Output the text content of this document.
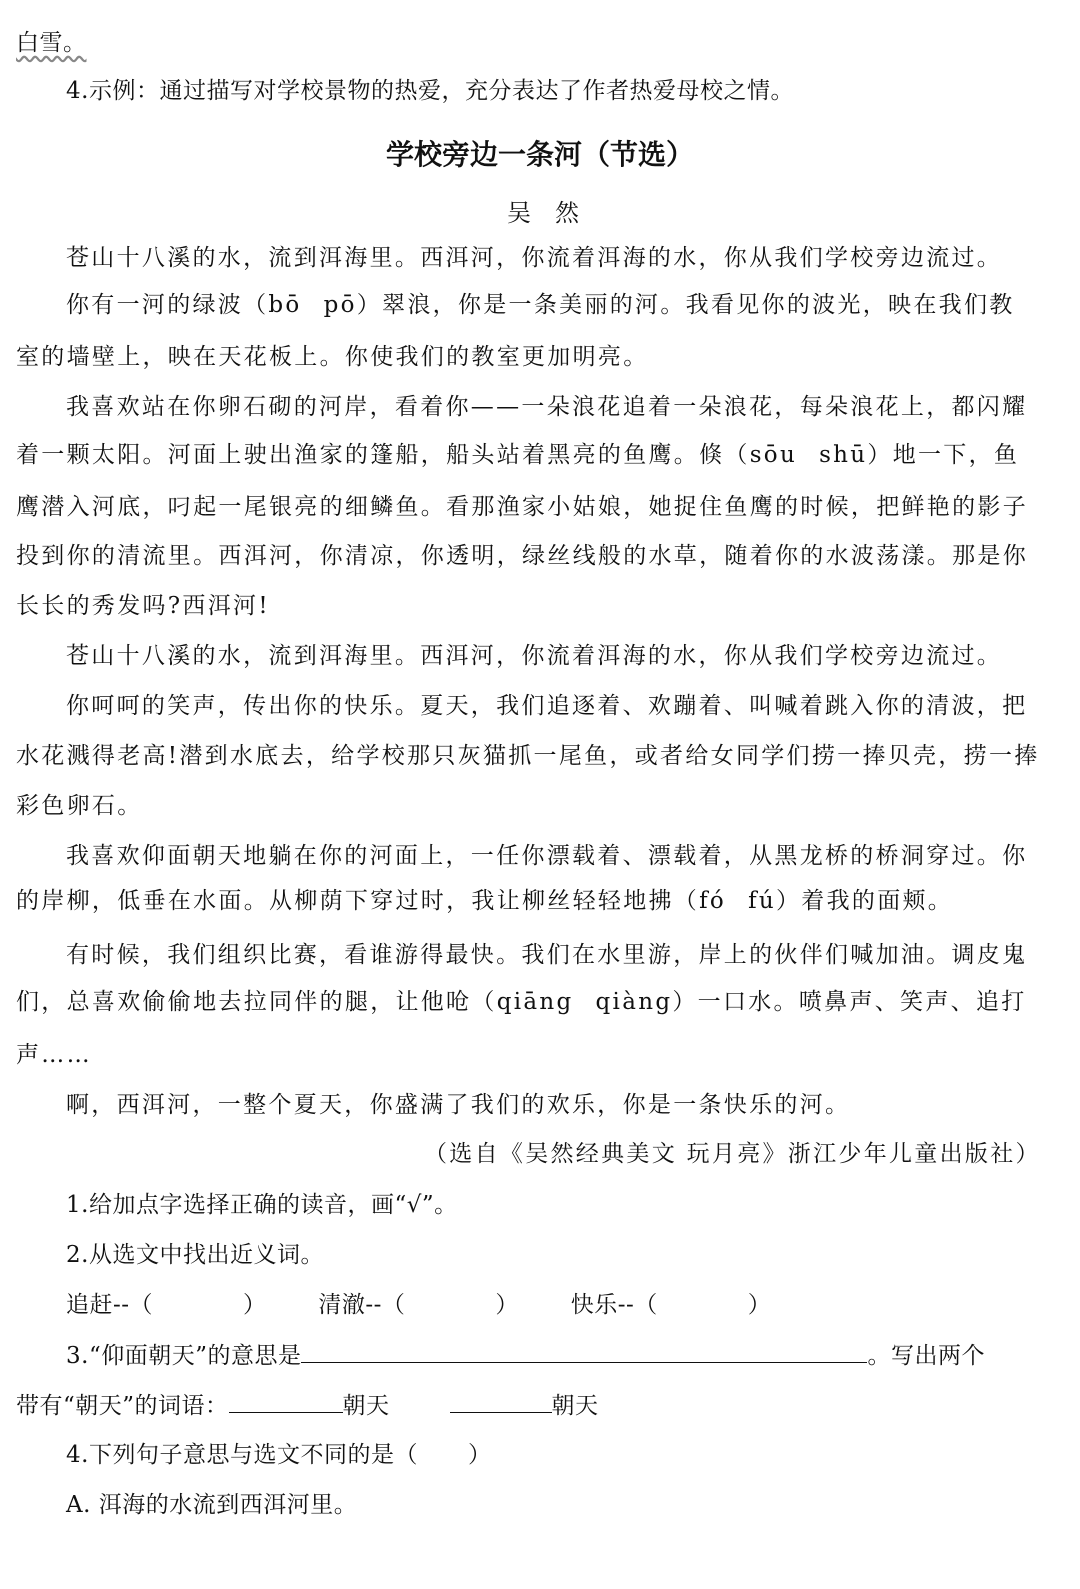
白雪。
4.示例：通过描写对学校景物的热爱，充分表达了作者热爱母校之情。
学校旁边一条河（节选）
吴然
苍山十八溪的水，流到洱海里。西洱河，你流着洱海的水，你从我们学校旁边流过。
你有一河的绿波（bō pō）翠浪，你是一条美丽的河。我看见你的波光，映在我们教
室的墙壁上，映在天花板上。你使我们的教室更加明亮。
我喜欢站在你卵石砌的河岸，看着你——一朵浪花追着一朵浪花，每朵浪花上，都闪耀
着一颗太阳。河面上驶出渔家的篷船，船头站着黑亮的鱼鹰。倏（sōu shū）地一下，鱼
鹰潜入河底，叼起一尾银亮的细鳞鱼。看那渔家小姑娘，她捉住鱼鹰的时候，把鲜艳的影子
投到你的清流里。西洱河，你清凉，你透明，绿丝线般的水草，随着你的水波荡漾。那是你
长长的秀发吗?西洱河!
苍山十八溪的水，流到洱海里。西洱河，你流着洱海的水，你从我们学校旁边流过。
你呵呵的笑声，传出你的快乐。夏天，我们追逐着、欢蹦着、叫喊着跳入你的清波，把
水花溅得老高!潜到水底去，给学校那只灰猫抓一尾鱼，或者给女同学们捞一捧贝壳，捞一捧
彩色卵石。
我喜欢仰面朝天地躺在你的河面上，一任你漂载着、漂载着，从黑龙桥的桥洞穿过。你
的岸柳，低垂在水面。从柳荫下穿过时，我让柳丝轻轻地拂（fó fú）着我的面颊。
有时候，我们组织比赛，看谁游得最快。我们在水里游，岸上的伙伴们喊加油。调皮鬼
们，总喜欢偷偷地去拉同伴的腿，让他呛（qiāng qiàng）一口水。喷鼻声、笑声、追打
声……
啊，西洱河，一整个夏天，你盛满了我们的欢乐，你是一条快乐的河。
（选自《吴然经典美文 玩月亮》浙江少年儿童出版社）
1.给加点字选择正确的读音，画“√”。
2.从选文中找出近义词。
追赶--（	） 清澈--（	） 快乐--（	）
3.“仰面朝天”的意思是	。写出两个
带有“朝天”的词语：	朝天	朝天
4.下列句子意思与选文不同的是（ ）
A. 洱海的水流到西洱河里。
